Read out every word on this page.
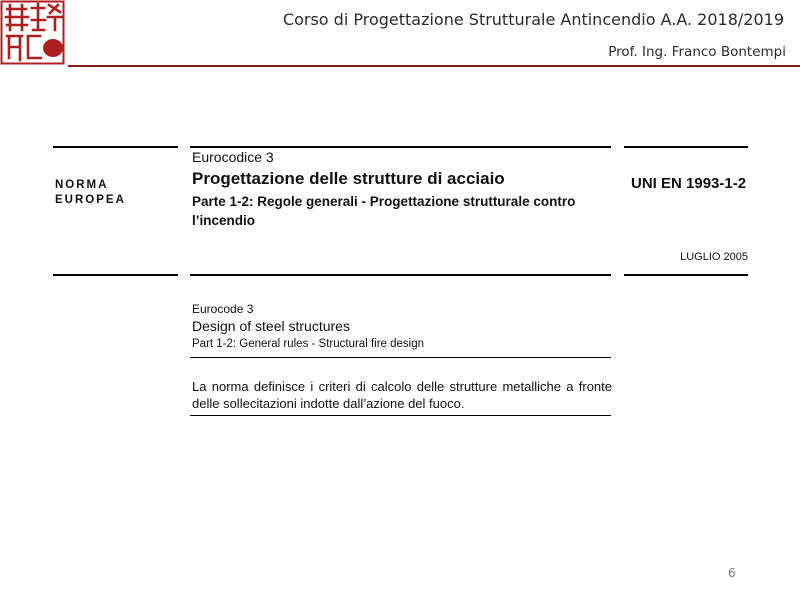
Corso di Progettazione Strutturale Antincendio A.A. 2018/2019
Prof. Ing. Franco Bontempi
NORMA
EUROPEA
Eurocodice 3
Progettazione delle strutture di acciaio
Parte 1-2: Regole generali - Progettazione strutturale contro l’incendio
UNI EN 1993-1-2
LUGLIO 2005
Eurocode 3
Design of steel structures
Part 1-2: General rules - Structural fire design
La norma definisce i criteri di calcolo delle strutture metalliche a fronte delle sollecitazioni indotte dall’azione del fuoco.
6
